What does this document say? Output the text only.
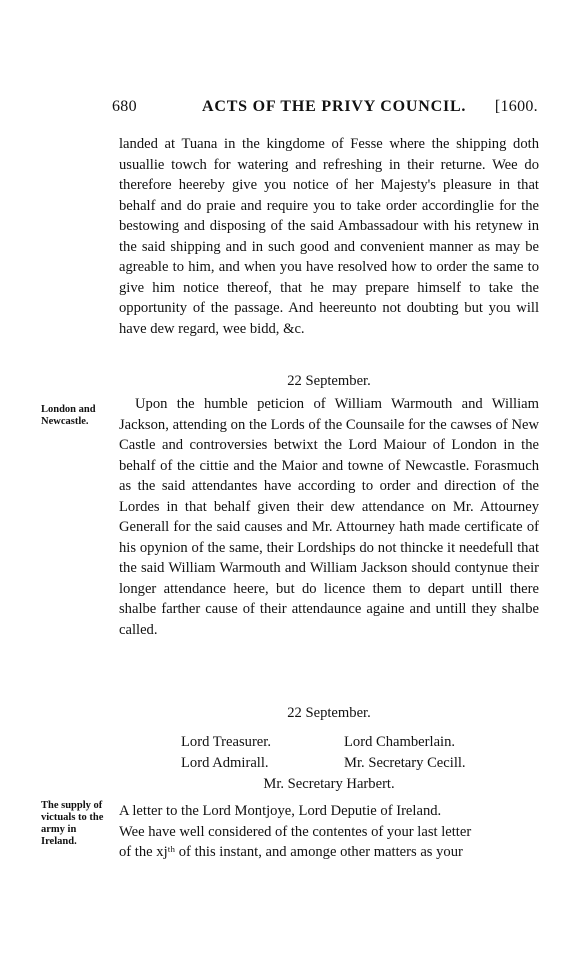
680	ACTS OF THE PRIVY COUNCIL. [1600.

landed at Tuana in the kingdome of Fesse where the shipping doth usuallie towch for watering and refreshing in their returne. Wee do therefore heereby give you notice of her Majesty's pleasure in that behalf and do praie and require you to take order accordinglie for the bestowing and disposing of the said Ambassadour with his retynew in the said shipping and in such good and convenient manner as may be agreable to him, and when you have resolved how to order the same to give him notice thereof, that he may prepare himself to take the opportunity of the passage. And heereunto not doubting but you will have dew regard, wee bidd, &c.

22 September.
London and Newcastle.

Upon the humble peticion of William Warmouth and William Jackson, attending on the Lords of the Counsaile for the cawses of New Castle and controversies betwixt the Lord Maiour of London in the behalf of the cittie and the Maior and towne of Newcastle. Forasmuch as the said attendantes have according to order and direction of the Lordes in that behalf given their dew attendance on Mr. Attourney Generall for the said causes and Mr. Attourney hath made certificate of his opynion of the same, their Lordships do not thincke it needefull that the said William Warmouth and William Jackson should contynue their longer attendance heere, but do licence them to depart untill there shalbe farther cause of their attendaunce againe and untill they shalbe called.

22 September.
Lord Treasurer.	Lord Chamberlain.
Lord Admirall.	Mr. Secretary Cecill.
Mr. Secretary Harbert.
The supply of victuals to the army in Ireland.

A letter to the Lord Montjoye, Lord Deputie of Ireland.

Wee have well considered of the contentes of your last letter

of the xjᵗʰ of this instant, and amonge other matters as your
